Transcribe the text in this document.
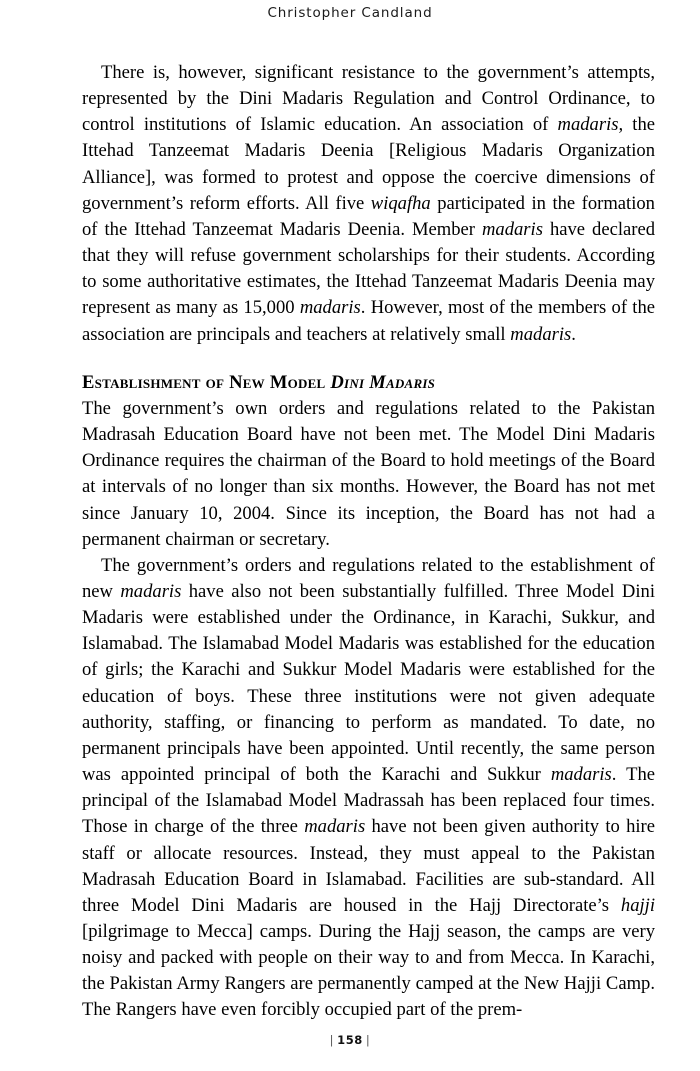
Christopher Candland

There is, however, significant resistance to the government’s attempts, represented by the Dini Madaris Regulation and Control Ordinance, to control institutions of Islamic education. An association of madaris, the Ittehad Tanzeemat Madaris Deenia [Religious Madaris Organization Alliance], was formed to protest and oppose the coercive dimensions of government’s reform efforts. All five wiqafha participated in the formation of the Ittehad Tanzeemat Madaris Deenia. Member madaris have declared that they will refuse government scholarships for their students. According to some authoritative estimates, the Ittehad Tanzeemat Madaris Deenia may represent as many as 15,000 madaris. However, most of the members of the association are principals and teachers at relatively small madaris.

Establishment of New Model Dini Madaris

The government’s own orders and regulations related to the Pakistan Madrasah Education Board have not been met. The Model Dini Madaris Ordinance requires the chairman of the Board to hold meetings of the Board at intervals of no longer than six months. However, the Board has not met since January 10, 2004. Since its inception, the Board has not had a permanent chairman or secretary.

The government’s orders and regulations related to the establishment of new madaris have also not been substantially fulfilled. Three Model Dini Madaris were established under the Ordinance, in Karachi, Sukkur, and Islamabad. The Islamabad Model Madaris was established for the education of girls; the Karachi and Sukkur Model Madaris were established for the education of boys. These three institutions were not given adequate authority, staffing, or financing to perform as mandated. To date, no permanent principals have been appointed. Until recently, the same person was appointed principal of both the Karachi and Sukkur madaris. The principal of the Islamabad Model Madrassah has been replaced four times. Those in charge of the three madaris have not been given authority to hire staff or allocate resources. Instead, they must appeal to the Pakistan Madrasah Education Board in Islamabad. Facilities are sub-standard. All three Model Dini Madaris are housed in the Hajj Directorate’s hajji [pilgrimage to Mecca] camps. During the Hajj season, the camps are very noisy and packed with people on their way to and from Mecca. In Karachi, the Pakistan Army Rangers are permanently camped at the New Hajji Camp. The Rangers have even forcibly occupied part of the prem-

| 158 |
